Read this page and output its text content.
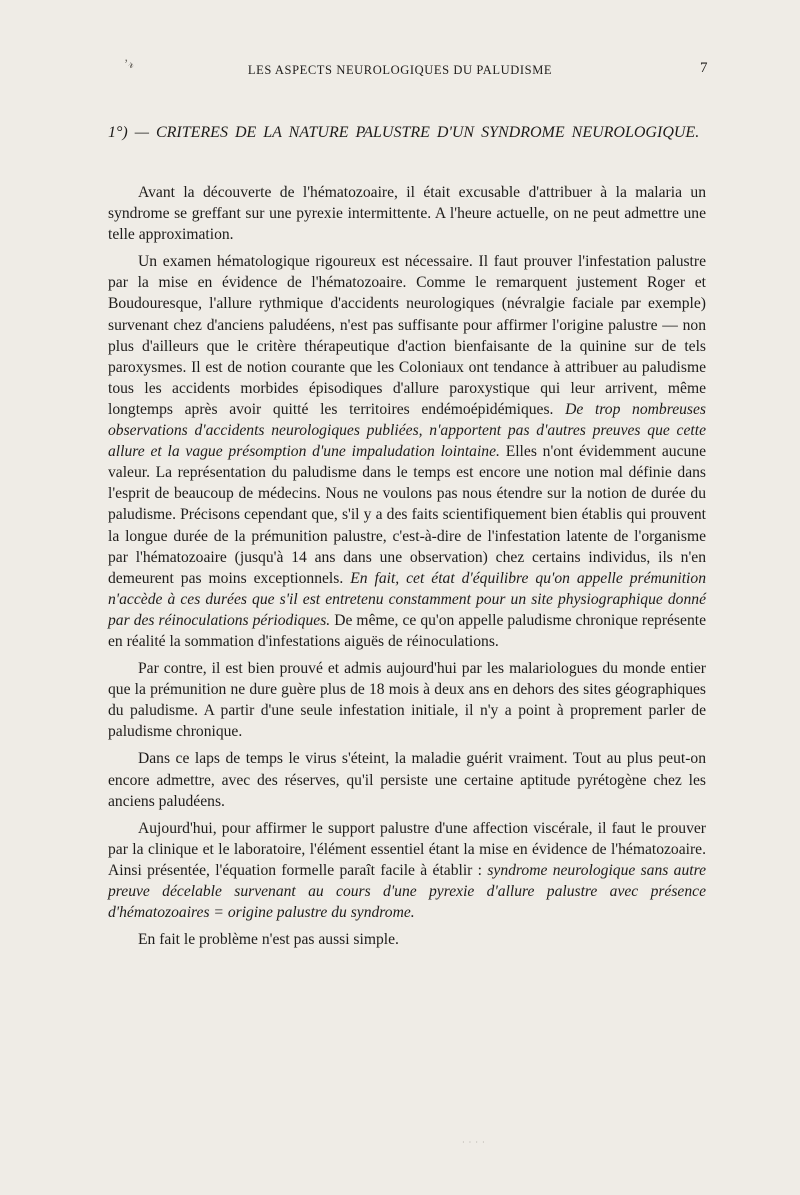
ʼ𝓇	LES ASPECTS NEUROLOGIQUES DU PALUDISME	7
1°) — CRITERES DE LA NATURE PALUSTRE D'UN SYNDROME NEUROLOGIQUE.

Avant la découverte de l'hématozoaire, il était excusable d'attribuer à la malaria un syndrome se greffant sur une pyrexie intermittente. A l'heure actuelle, on ne peut admettre une telle approximation.

Un examen hématologique rigoureux est nécessaire. Il faut prouver l'infestation palustre par la mise en évidence de l'hématozoaire. Comme le remarquent justement Roger et Boudouresque, l'allure rythmique d'accidents neurologiques (névralgie faciale par exemple) survenant chez d'anciens paludéens, n'est pas suffisante pour affirmer l'origine palustre — non plus d'ailleurs que le critère thérapeutique d'action bienfaisante de la quinine sur de tels paroxysmes. Il est de notion courante que les Coloniaux ont tendance à attribuer au paludisme tous les accidents morbides épisodiques d'allure paroxystique qui leur arrivent, même longtemps après avoir quitté les territoires endémoépidémiques. De trop nombreuses observations d'accidents neurologiques publiées, n'apportent pas d'autres preuves que cette allure et la vague présomption d'une impaludation lointaine. Elles n'ont évidemment aucune valeur. La représentation du paludisme dans le temps est encore une notion mal définie dans l'esprit de beaucoup de médecins. Nous ne voulons pas nous étendre sur la notion de durée du paludisme. Précisons cependant que, s'il y a des faits scientifiquement bien établis qui prouvent la longue durée de la prémunition palustre, c'est-à-dire de l'infestation latente de l'organisme par l'hématozoaire (jusqu'à 14 ans dans une observation) chez certains individus, ils n'en demeurent pas moins exceptionnels. En fait, cet état d'équilibre qu'on appelle prémunition n'accède à ces durées que s'il est entretenu constamment pour un site physiographique donné par des réinoculations périodiques. De même, ce qu'on appelle paludisme chronique représente en réalité la sommation d'infestations aiguës de réinoculations.

Par contre, il est bien prouvé et admis aujourd'hui par les malariologues du monde entier que la prémunition ne dure guère plus de 18 mois à deux ans en dehors des sites géographiques du paludisme. A partir d'une seule infestation initiale, il n'y a point à proprement parler de paludisme chronique.

Dans ce laps de temps le virus s'éteint, la maladie guérit vraiment. Tout au plus peut-on encore admettre, avec des réserves, qu'il persiste une certaine aptitude pyrétogène chez les anciens paludéens.

Aujourd'hui, pour affirmer le support palustre d'une affection viscérale, il faut le prouver par la clinique et le laboratoire, l'élément essentiel étant la mise en évidence de l'hématozoaire. Ainsi présentée, l'équation formelle paraît facile à établir : syndrome neurologique sans autre preuve décelable survenant au cours d'une pyrexie d'allure palustre avec présence d'hématozoaires = origine palustre du syndrome.

En fait le problème n'est pas aussi simple.

· · · ·
